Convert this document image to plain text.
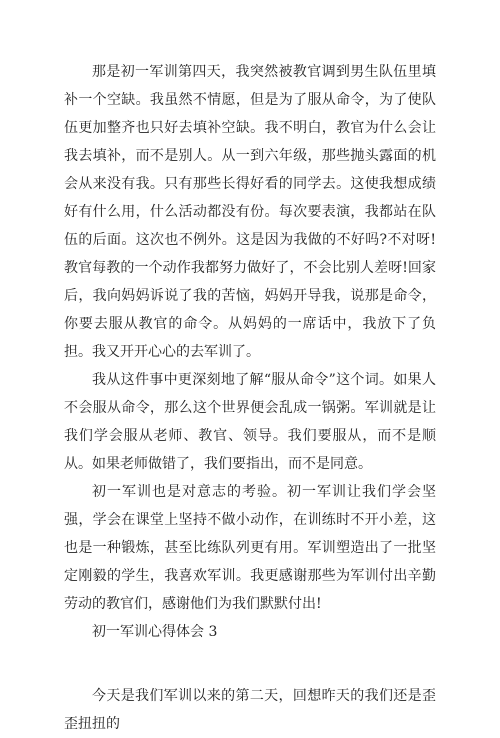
那是初一军训第四天，我突然被教官调到男生队伍里填补一个空缺。我虽然不情愿，但是为了服从命令，为了使队伍更加整齐也只好去填补空缺。我不明白，教官为什么会让我去填补，而不是别人。从一到六年级，那些抛头露面的机会从来没有我。只有那些长得好看的同学去。这使我想成绩好有什么用，什么活动都没有份。每次要表演，我都站在队伍的后面。这次也不例外。这是因为我做的不好吗?不对呀!教官每教的一个动作我都努力做好了，不会比别人差呀!回家后，我向妈妈诉说了我的苦恼，妈妈开导我，说那是命令，你要去服从教官的命令。从妈妈的一席话中，我放下了负担。我又开开心心的去军训了。

我从这件事中更深刻地了解“服从命令”这个词。如果人不会服从命令，那么这个世界便会乱成一锅粥。军训就是让我们学会服从老师、教官、领导。我们要服从，而不是顺从。如果老师做错了，我们要指出，而不是同意。

初一军训也是对意志的考验。初一军训让我们学会坚强，学会在课堂上坚持不做小动作，在训练时不开小差，这也是一种锻炼，甚至比练队列更有用。军训塑造出了一批坚定刚毅的学生，我喜欢军训。我更感谢那些为军训付出辛勤劳动的教官们，感谢他们为我们默默付出!

初一军训心得体会 3

今天是我们军训以来的第二天，回想昨天的我们还是歪歪扭扭的
